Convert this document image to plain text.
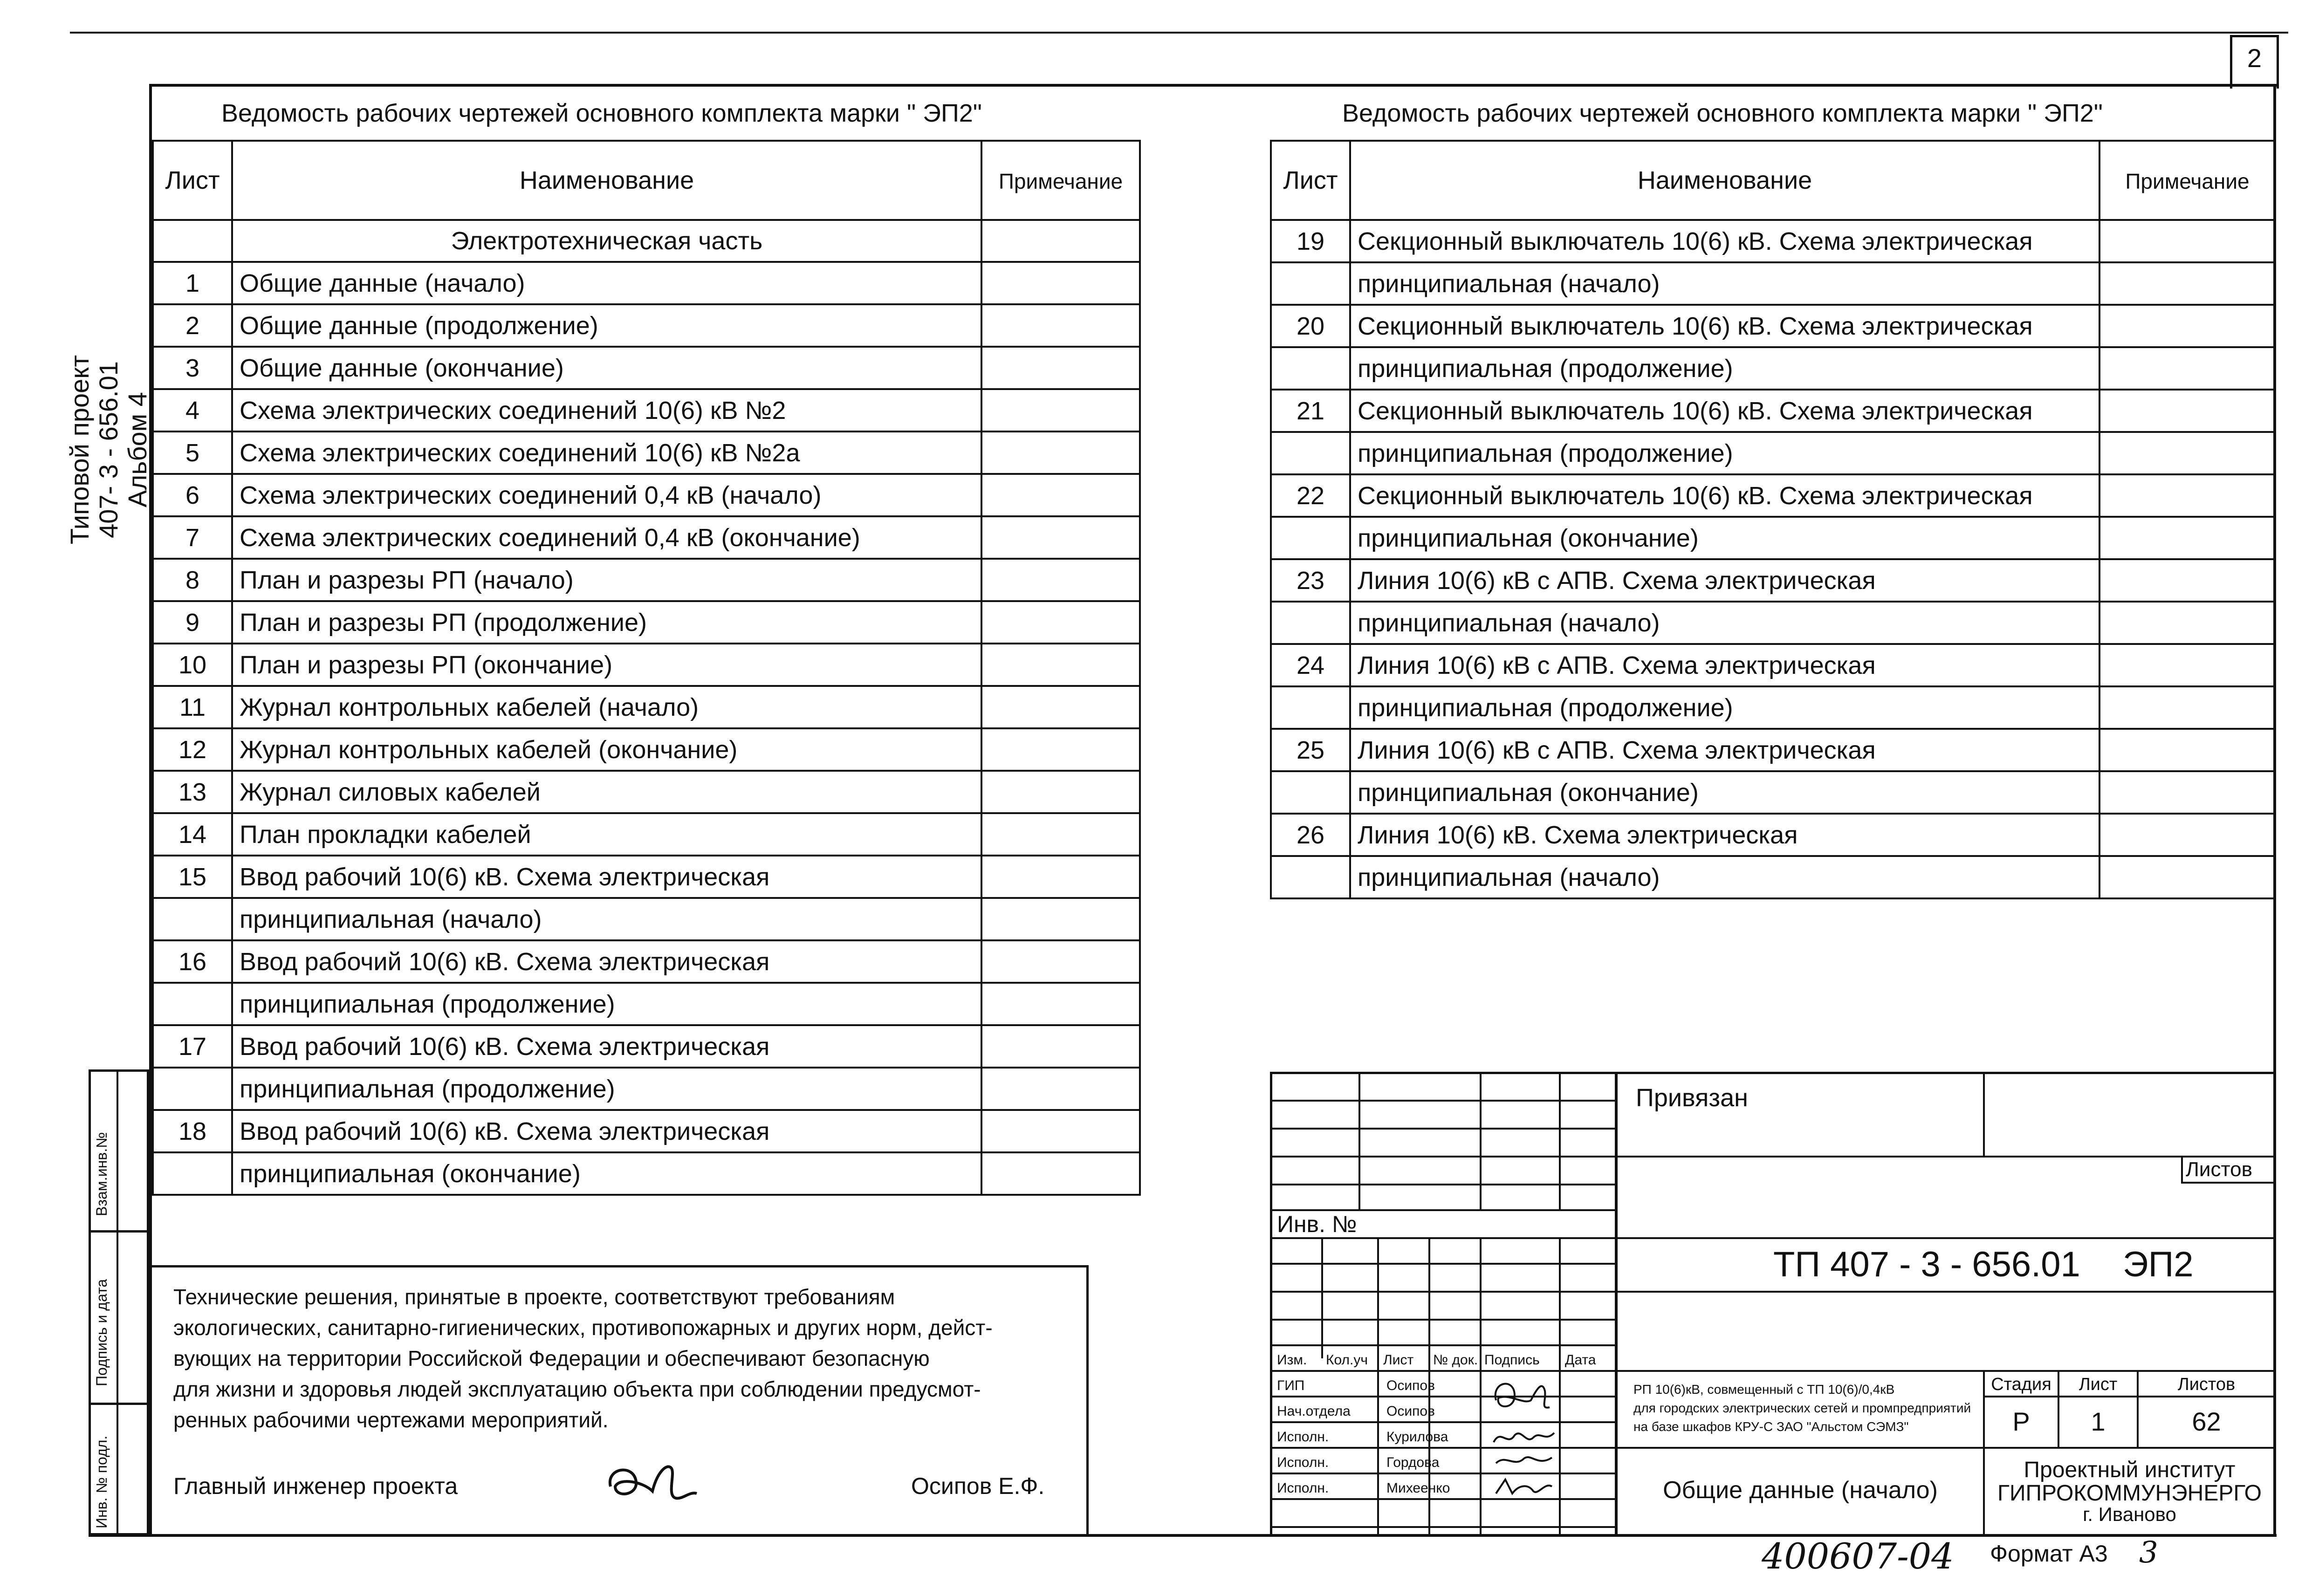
2
Типовой проект 407- 3 - 656.01 Альбом 4
Взам.инв.№
Подпись и дата
Инв. № подл.
Ведомость рабочих чертежей основного комплекта марки " ЭП2"
Лист	Наименование	Примечание
	Электротехническая часть	
1	Общие данные (начало)	
2	Общие данные (продолжение)	
3	Общие данные (окончание)	
4	Схема электрических соединений 10(6) кВ №2	
5	Схема электрических соединений 10(6) кВ №2а	
6	Схема электрических соединений 0,4 кВ (начало)	
7	Схема электрических соединений 0,4 кВ (окончание)	
8	План и разрезы РП (начало)	
9	План и разрезы РП (продолжение)	
10	План и разрезы РП (окончание)	
11	Журнал контрольных кабелей (начало)	
12	Журнал контрольных кабелей (окончание)	
13	Журнал силовых кабелей	
14	План прокладки кабелей	
15	Ввод рабочий 10(6) кВ. Схема электрическая	
	принципиальная (начало)	
16	Ввод рабочий 10(6) кВ. Схема электрическая	
	принципиальная (продолжение)	
17	Ввод рабочий 10(6) кВ. Схема электрическая	
	принципиальная (продолжение)	
18	Ввод рабочий 10(6) кВ. Схема электрическая	
	принципиальная (окончание)	
Ведомость рабочих чертежей основного комплекта марки " ЭП2"
Лист	Наименование	Примечание
19	Секционный выключатель 10(6) кВ. Схема электрическая	
	принципиальная (начало)	
20	Секционный выключатель 10(6) кВ. Схема электрическая	
	принципиальная (продолжение)	
21	Секционный выключатель 10(6) кВ. Схема электрическая	
	принципиальная (продолжение)	
22	Секционный выключатель 10(6) кВ. Схема электрическая	
	принципиальная (окончание)	
23	Линия 10(6) кВ с АПВ. Схема электрическая	
	принципиальная (начало)	
24	Линия 10(6) кВ с АПВ. Схема электрическая	
	принципиальная (продолжение)	
25	Линия 10(6) кВ с АПВ. Схема электрическая	
	принципиальная (окончание)	
26	Линия 10(6) кВ. Схема электрическая	
	принципиальная (начало)	
Технические решения, принятые в проекте, соответствуют требованиям
экологических, санитарно-гигиенических, противопожарных и других норм, дейст-
вующих на территории Российской Федерации и обеспечивают безопасную
для жизни и здоровья людей эксплуатацию объекта при соблюдении предусмот-
ренных рабочими чертежами мероприятий.
Главный инженер проекта	Осипов Е.Ф.
Инв. №
Изм. Кол.уч Лист № док. Подпись Дата
ГИП	Осипов
Нач.отдела	Осипов
Исполн.	Курилова
Исполн.	Гордова
Исполн.	Михеенко
Листов
Привязан
ТП 407 - 3 - 656.01 ЭП2
РП 10(6)кВ, совмещенный с ТП 10(6)/0,4кВ
для городских электрических сетей и промпредприятий
на базе шкафов КРУ-С ЗАО "Альстом СЭМЗ"
Стадия	Лист	Листов
Р	1	62
Общие данные (начало)
Проектный институт
ГИПРОКОММУНЭНЕРГО
г. Иваново
400607-04 Формат А3 3
